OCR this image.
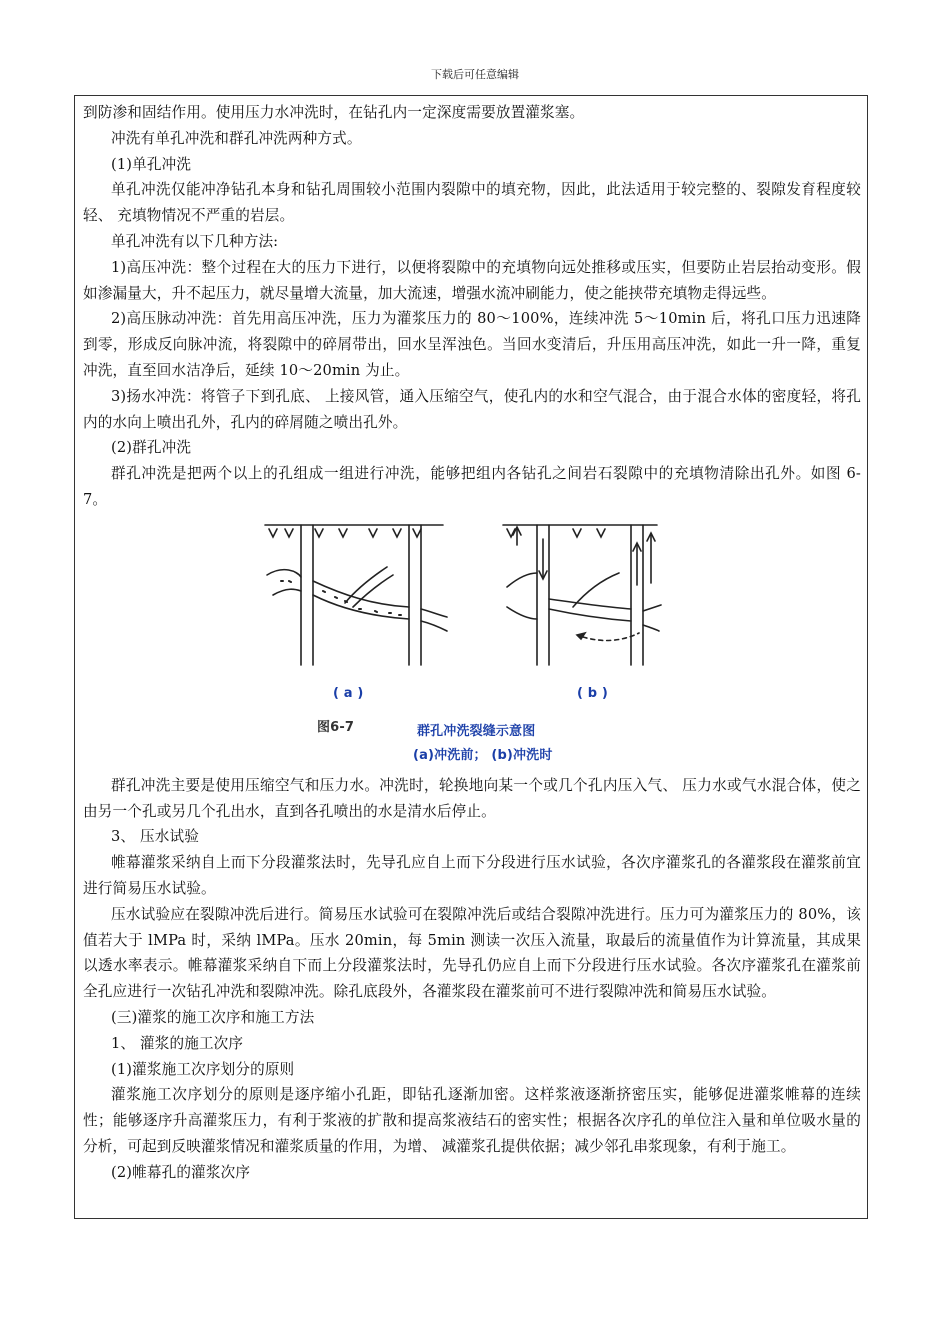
下载后可任意编辑

到防渗和固结作用。使用压力水冲洗时，在钻孔内一定深度需要放置灌浆塞。

冲洗有单孔冲洗和群孔冲洗两种方式。

(1)单孔冲洗

单孔冲洗仅能冲净钻孔本身和钻孔周围较小范围内裂隙中的填充物，因此，此法适用于较完整的、裂隙发育程度较轻、 充填物情况不严重的岩层。

单孔冲洗有以下几种方法:

1)高压冲洗：整个过程在大的压力下进行，以便将裂隙中的充填物向远处推移或压实，但要防止岩层抬动变形。假如渗漏量大，升不起压力，就尽量增大流量，加大流速，增强水流冲刷能力，使之能挟带充填物走得远些。

2)高压脉动冲洗：首先用高压冲洗，压力为灌浆压力的 80～100%，连续冲洗 5～10min 后，将孔口压力迅速降到零，形成反向脉冲流，将裂隙中的碎屑带出，回水呈浑浊色。当回水变清后，升压用高压冲洗，如此一升一降，重复冲洗，直至回水洁净后，延续 10～20min 为止。

3)扬水冲洗：将管子下到孔底、 上接风管，通入压缩空气，使孔内的水和空气混合，由于混合水体的密度轻，将孔内的水向上喷出孔外，孔内的碎屑随之喷出孔外。

(2)群孔冲洗

群孔冲洗是把两个以上的孔组成一组进行冲洗，能够把组内各钻孔之间岩石裂隙中的充填物清除出孔外。如图 6-7。

( a )	( b )
图6-7	群孔冲洗裂缝示意图
(a)冲洗前； (b)冲洗时

群孔冲洗主要是使用压缩空气和压力水。冲洗时，轮换地向某一个或几个孔内压入气、 压力水或气水混合体，使之由另一个孔或另几个孔出水，直到各孔喷出的水是清水后停止。

3、 压水试验

帷幕灌浆采纳自上而下分段灌浆法时，先导孔应自上而下分段进行压水试验，各次序灌浆孔的各灌浆段在灌浆前宜进行简易压水试验。

压水试验应在裂隙冲洗后进行。简易压水试验可在裂隙冲洗后或结合裂隙冲洗进行。压力可为灌浆压力的 80%，该值若大于 lMPa 时，采纳 lMPa。压水 20min，每 5min 测读一次压入流量，取最后的流量值作为计算流量，其成果以透水率表示。帷幕灌浆采纳自下而上分段灌浆法时，先导孔仍应自上而下分段进行压水试验。各次序灌浆孔在灌浆前全孔应进行一次钻孔冲洗和裂隙冲洗。除孔底段外，各灌浆段在灌浆前可不进行裂隙冲洗和简易压水试验。

(三)灌浆的施工次序和施工方法

1、 灌浆的施工次序

(1)灌浆施工次序划分的原则

灌浆施工次序划分的原则是逐序缩小孔距，即钻孔逐渐加密。这样浆液逐渐挤密压实，能够促进灌浆帷幕的连续性；能够逐序升高灌浆压力，有利于浆液的扩散和提高浆液结石的密实性；根据各次序孔的单位注入量和单位吸水量的分析，可起到反映灌浆情况和灌浆质量的作用，为增、 减灌浆孔提供依据；减少邻孔串浆现象，有利于施工。

(2)帷幕孔的灌浆次序
